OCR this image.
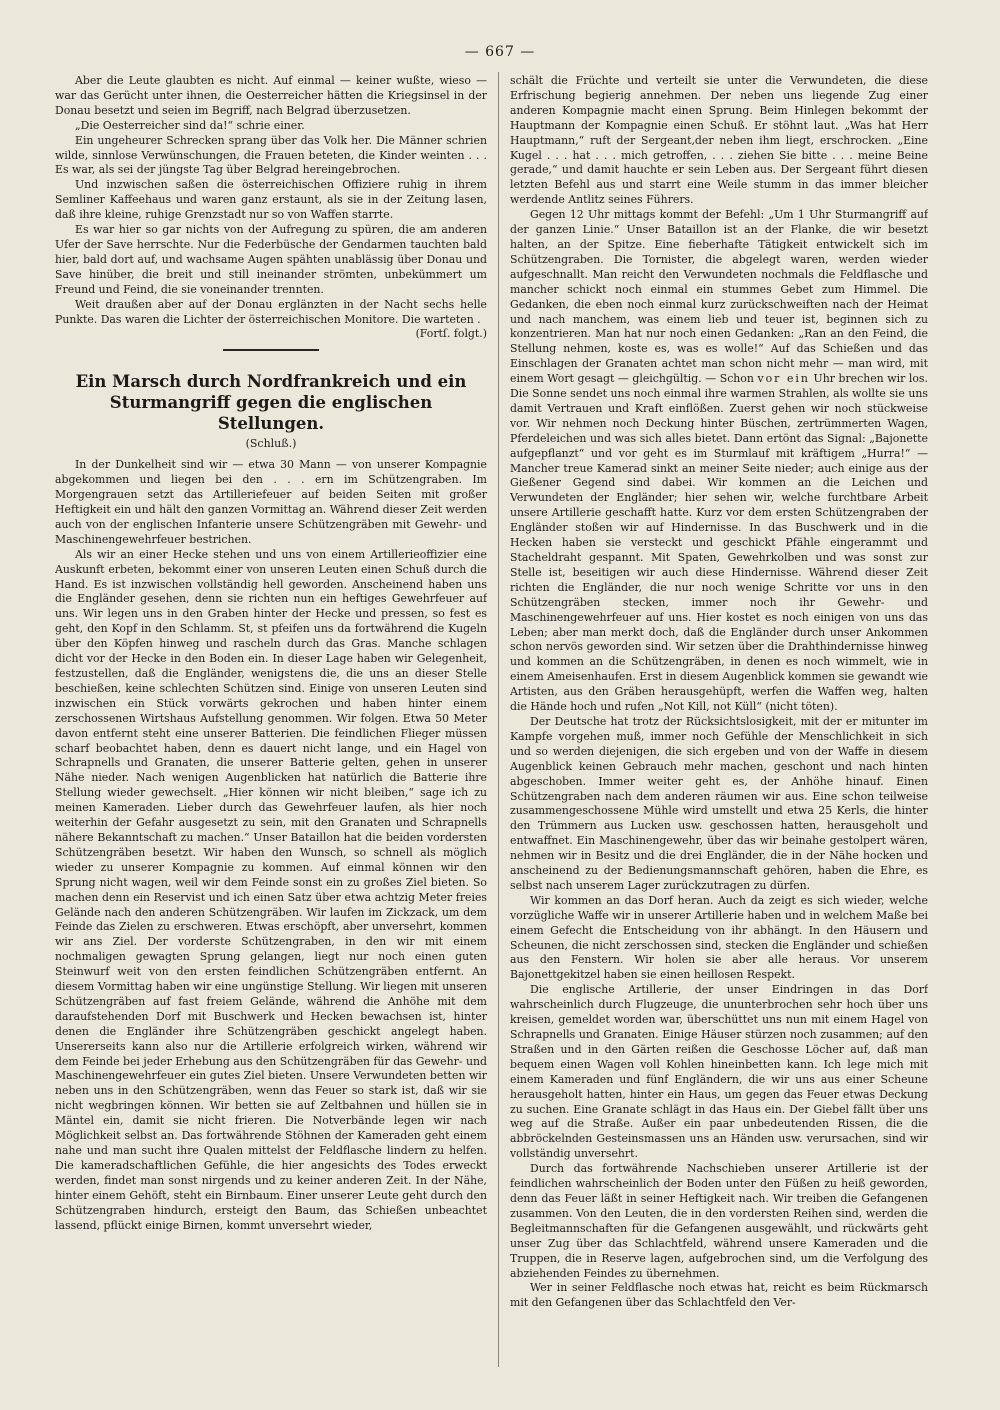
— 667 —

Aber die Leute glaubten es nicht. Auf einmal — keiner wußte, wieso — war das Gerücht unter ihnen, die Oesterreicher hätten die Kriegsinsel in der Donau besetzt und seien im Begriff, nach Belgrad überzusetzen.

„Die Oesterreicher sind da!“ schrie einer.

Ein ungeheurer Schrecken sprang über das Volk her. Die Männer schrien wilde, sinnlose Verwünschungen, die Frauen beteten, die Kinder weinten . . . Es war, als sei der jüngste Tag über Belgrad hereingebrochen.

Und inzwischen saßen die österreichischen Offiziere ruhig in ihrem Semliner Kaffeehaus und waren ganz erstaunt, als sie in der Zeitung lasen, daß ihre kleine, ruhige Grenzstadt nur so von Waffen starrte.

Es war hier so gar nichts von der Aufregung zu spüren, die am anderen Ufer der Save herrschte. Nur die Federbüsche der Gendarmen tauchten bald hier, bald dort auf, und wachsame Augen spähten unablässig über Donau und Save hinüber, die breit und still ineinander strömten, unbekümmert um Freund und Feind, die sie voneinander trennten.

Weit draußen aber auf der Donau erglänzten in der Nacht sechs helle Punkte. Das waren die Lichter der österreichischen Monitore. Die warteten .
(Fortſ. folgt.)

Ein Marsch durch Nordfrankreich und ein Sturmangriff gegen die englischen Stellungen.
(Schluß.)

In der Dunkelheit sind wir — etwa 30 Mann — von unserer Kompagnie abgekommen und liegen bei den . . . ern im Schützengraben. Im Morgengrauen setzt das Artilleriefeuer auf beiden Seiten mit großer Heftigkeit ein und hält den ganzen Vormittag an. Während dieser Zeit werden auch von der englischen Infanterie unsere Schützengräben mit Gewehr- und Maschinengewehrfeuer bestrichen.

Als wir an einer Hecke stehen und uns von einem Artillerieoffizier eine Auskunft erbeten, bekommt einer von unseren Leuten einen Schuß durch die Hand. Es ist inzwischen vollständig hell geworden. Anscheinend haben uns die Engländer gesehen, denn sie richten nun ein heftiges Gewehrfeuer auf uns. Wir legen uns in den Graben hinter der Hecke und pressen, so fest es geht, den Kopf in den Schlamm. St, st pfeifen uns da fortwährend die Kugeln über den Köpfen hinweg und rascheln durch das Gras. Manche schlagen dicht vor der Hecke in den Boden ein. In dieser Lage haben wir Gelegenheit, festzustellen, daß die Engländer, wenigstens die, die uns an dieser Stelle beschießen, keine schlechten Schützen sind. Einige von unseren Leuten sind inzwischen ein Stück vorwärts gekrochen und haben hinter einem zerschossenen Wirtshaus Aufstellung genommen. Wir folgen. Etwa 50 Meter davon entfernt steht eine unserer Batterien. Die feindlichen Flieger müssen scharf beobachtet haben, denn es dauert nicht lange, und ein Hagel von Schrapnells und Granaten, die unserer Batterie gelten, gehen in unserer Nähe nieder. Nach wenigen Augenblicken hat natürlich die Batterie ihre Stellung wieder gewechselt. „Hier können wir nicht bleiben,“ sage ich zu meinen Kameraden. Lieber durch das Gewehrfeuer laufen, als hier noch weiterhin der Gefahr ausgesetzt zu sein, mit den Granaten und Schrapnells nähere Bekanntschaft zu machen.“ Unser Bataillon hat die beiden vordersten Schützengräben besetzt. Wir haben den Wunsch, so schnell als möglich wieder zu unserer Kompagnie zu kommen. Auf einmal können wir den Sprung nicht wagen, weil wir dem Feinde sonst ein zu großes Ziel bieten. So machen denn ein Reservist und ich einen Satz über etwa achtzig Meter freies Gelände nach den anderen Schützengräben. Wir laufen im Zickzack, um dem Feinde das Zielen zu erschweren. Etwas erschöpft, aber unversehrt, kommen wir ans Ziel. Der vorderste Schützengraben, in den wir mit einem nochmaligen gewagten Sprung gelangen, liegt nur noch einen guten Steinwurf weit von den ersten feindlichen Schützengräben entfernt. An diesem Vormittag haben wir eine ungünstige Stellung. Wir liegen mit unseren Schützengräben auf fast freiem Gelände, während die Anhöhe mit dem daraufstehenden Dorf mit Buschwerk und Hecken bewachsen ist, hinter denen die Engländer ihre Schützengräben geschickt angelegt haben. Unsererseits kann also nur die Artillerie erfolgreich wirken, während wir dem Feinde bei jeder Erhebung aus den Schützengräben für das Gewehr- und Maschinengewehrfeuer ein gutes Ziel bieten. Unsere Verwundeten betten wir neben uns in den Schützengräben, wenn das Feuer so stark ist, daß wir sie nicht wegbringen können. Wir betten sie auf Zeltbahnen und hüllen sie in Mäntel ein, damit sie nicht frieren. Die Notverbände legen wir nach Möglichkeit selbst an. Das fortwährende Stöhnen der Kameraden geht einem nahe und man sucht ihre Qualen mittelst der Feldflasche lindern zu helfen. Die kameradschaftlichen Gefühle, die hier angesichts des Todes erweckt werden, findet man sonst nirgends und zu keiner anderen Zeit. In der Nähe, hinter einem Gehöft, steht ein Birnbaum. Einer unserer Leute geht durch den Schützengraben hindurch, ersteigt den Baum, das Schießen unbeachtet lassend, pflückt einige Birnen, kommt unversehrt wieder,

schält die Früchte und verteilt sie unter die Verwundeten, die diese Erfrischung begierig annehmen. Der neben uns liegende Zug einer anderen Kompagnie macht einen Sprung. Beim Hinlegen bekommt der Hauptmann der Kompagnie einen Schuß. Er stöhnt laut. „Was hat Herr Hauptmann,“ ruft der Sergeant,der neben ihm liegt, erschrocken. „Eine Kugel . . . hat . . . mich getroffen, . . . ziehen Sie bitte . . . meine Beine gerade,“ und damit hauchte er sein Leben aus. Der Sergeant führt diesen letzten Befehl aus und starrt eine Weile stumm in das immer bleicher werdende Antlitz seines Führers.

Gegen 12 Uhr mittags kommt der Befehl: „Um 1 Uhr Sturmangriff auf der ganzen Linie.“ Unser Bataillon ist an der Flanke, die wir besetzt halten, an der Spitze. Eine fieberhafte Tätigkeit entwickelt sich im Schützengraben. Die Tornister, die abgelegt waren, werden wieder aufgeschnallt. Man reicht den Verwundeten nochmals die Feldflasche und mancher schickt noch einmal ein stummes Gebet zum Himmel. Die Gedanken, die eben noch einmal kurz zurückschweiften nach der Heimat und nach manchem, was einem lieb und teuer ist, beginnen sich zu konzentrieren. Man hat nur noch einen Gedanken: „Ran an den Feind, die Stellung nehmen, koste es, was es wolle!“ Auf das Schießen und das Einschlagen der Granaten achtet man schon nicht mehr — man wird, mit einem Wort gesagt — gleichgültig. — Schon vor ein Uhr brechen wir los. Die Sonne sendet uns noch einmal ihre warmen Strahlen, als wollte sie uns damit Vertrauen und Kraft einflößen. Zuerst gehen wir noch stückweise vor. Wir nehmen noch Deckung hinter Büschen, zertrümmerten Wagen, Pferdeleichen und was sich alles bietet. Dann ertönt das Signal: „Bajonette aufgepflanzt“ und vor geht es im Sturmlauf mit kräftigem „Hurra!“ — Mancher treue Kamerad sinkt an meiner Seite nieder; auch einige aus der Gießener Gegend sind dabei. Wir kommen an die Leichen und Verwundeten der Engländer; hier sehen wir, welche furchtbare Arbeit unsere Artillerie geschafft hatte. Kurz vor dem ersten Schützengraben der Engländer stoßen wir auf Hindernisse. In das Buschwerk und in die Hecken haben sie versteckt und geschickt Pfähle eingerammt und Stacheldraht gespannt. Mit Spaten, Gewehrkolben und was sonst zur Stelle ist, beseitigen wir auch diese Hindernisse. Während dieser Zeit richten die Engländer, die nur noch wenige Schritte vor uns in den Schützengräben stecken, immer noch ihr Gewehr- und Maschinengewehrfeuer auf uns. Hier kostet es noch einigen von uns das Leben; aber man merkt doch, daß die Engländer durch unser Ankommen schon nervös geworden sind. Wir setzen über die Drahthindernisse hinweg und kommen an die Schützengräben, in denen es noch wimmelt, wie in einem Ameisenhaufen. Erst in diesem Augenblick kommen sie gewandt wie Artisten, aus den Gräben herausgehüpft, werfen die Waffen weg, halten die Hände hoch und rufen „Not Kill, not Küll“ (nicht töten).

Der Deutsche hat trotz der Rücksichtslosigkeit, mit der er mitunter im Kampfe vorgehen muß, immer noch Gefühle der Menschlichkeit in sich und so werden diejenigen, die sich ergeben und von der Waffe in diesem Augenblick keinen Gebrauch mehr machen, geschont und nach hinten abgeschoben. Immer weiter geht es, der Anhöhe hinauf. Einen Schützengraben nach dem anderen räumen wir aus. Eine schon teilweise zusammengeschossene Mühle wird umstellt und etwa 25 Kerls, die hinter den Trümmern aus Lucken usw. geschossen hatten, herausgeholt und entwaffnet. Ein Maschinengewehr, über das wir beinahe gestolpert wären, nehmen wir in Besitz und die drei Engländer, die in der Nähe hocken und anscheinend zu der Bedienungsmannschaft gehören, haben die Ehre, es selbst nach unserem Lager zurückzutragen zu dürfen.

Wir kommen an das Dorf heran. Auch da zeigt es sich wieder, welche vorzügliche Waffe wir in unserer Artillerie haben und in welchem Maße bei einem Gefecht die Entscheidung von ihr abhängt. In den Häusern und Scheunen, die nicht zerschossen sind, stecken die Engländer und schießen aus den Fenstern. Wir holen sie aber alle heraus. Vor unserem Bajonettgekitzel haben sie einen heillosen Respekt.

Die englische Artillerie, der unser Eindringen in das Dorf wahrscheinlich durch Flugzeuge, die ununterbrochen sehr hoch über uns kreisen, gemeldet worden war, überschüttet uns nun mit einem Hagel von Schrapnells und Granaten. Einige Häuser stürzen noch zusammen; auf den Straßen und in den Gärten reißen die Geschosse Löcher auf, daß man bequem einen Wagen voll Kohlen hineinbetten kann. Ich lege mich mit einem Kameraden und fünf Engländern, die wir uns aus einer Scheune herausgeholt hatten, hinter ein Haus, um gegen das Feuer etwas Deckung zu suchen. Eine Granate schlägt in das Haus ein. Der Giebel fällt über uns weg auf die Straße. Außer ein paar unbedeutenden Rissen, die die abbröckelnden Gesteinsmassen uns an Händen usw. verursachen, sind wir vollständig unversehrt.

Durch das fortwährende Nachschieben unserer Artillerie ist der feindlichen wahrscheinlich der Boden unter den Füßen zu heiß geworden, denn das Feuer läßt in seiner Heftigkeit nach. Wir treiben die Gefangenen zusammen. Von den Leuten, die in den vordersten Reihen sind, werden die Begleitmannschaften für die Gefangenen ausgewählt, und rückwärts geht unser Zug über das Schlachtfeld, während unsere Kameraden und die Truppen, die in Reserve lagen, aufgebrochen sind, um die Verfolgung des abziehenden Feindes zu übernehmen.

Wer in seiner Feldflasche noch etwas hat, reicht es beim Rückmarsch mit den Gefangenen über das Schlachtfeld den Ver-
